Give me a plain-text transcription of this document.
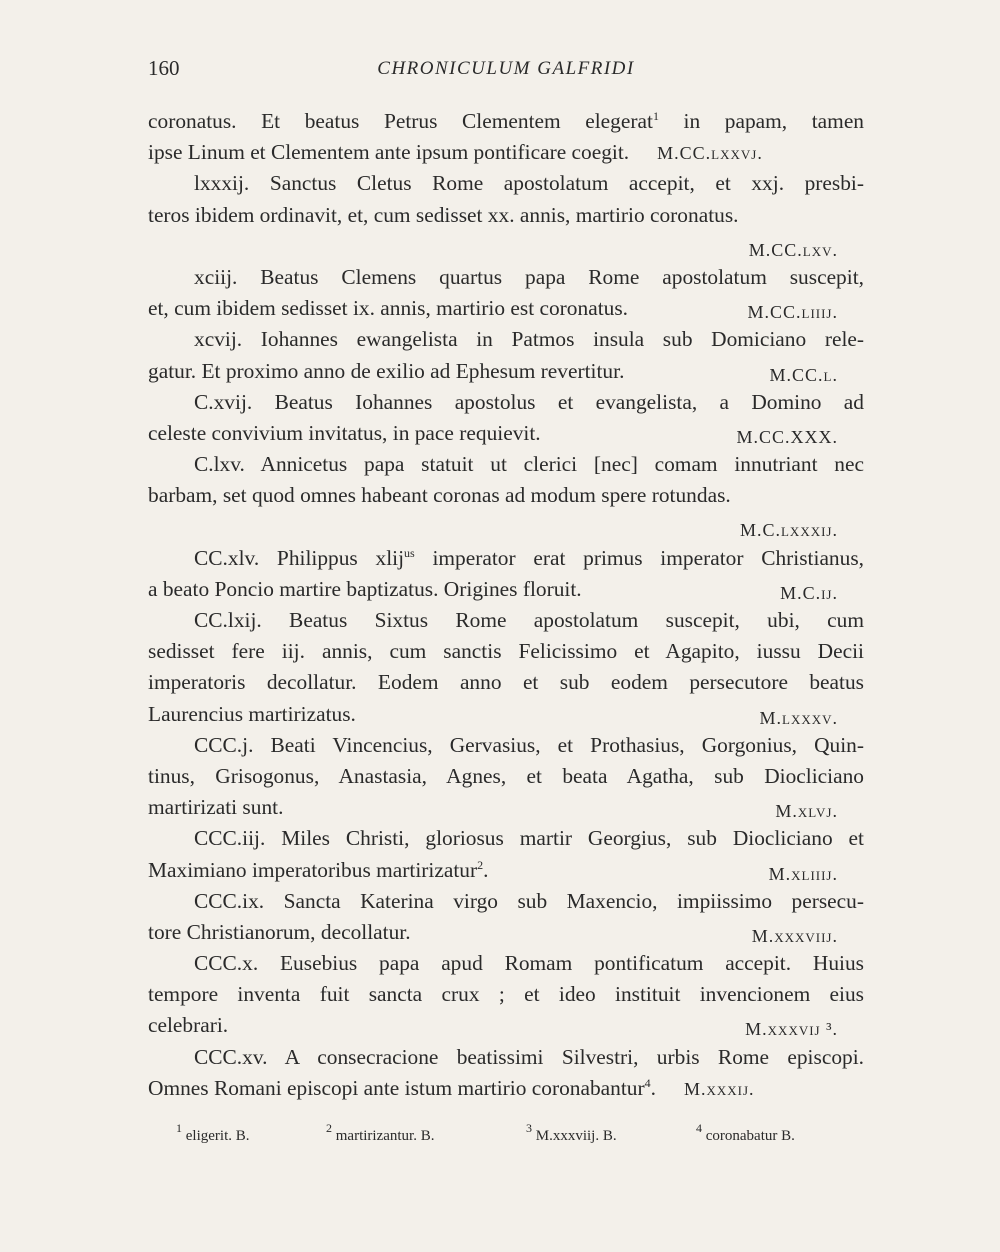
160	CHRONICULUM GALFRIDI
coronatus. Et beatus Petrus Clementem elegerat$^1$ in papam, tamen
ipse Linum et Clementem ante ipsum pontificare coegit. M.CC.lxxvj.
lxxxij. Sanctus Cletus Rome apostolatum accepit, et xxj. presbi-
teros ibidem ordinavit, et, cum sedisset xx. annis, martirio coronatus.
M.CC.lxv.
xciij. Beatus Clemens quartus papa Rome apostolatum suscepit,
et, cum ibidem sedisset ix. annis, martirio est coronatus.	M.CC.liiij.
xcvij. Iohannes ewangelista in Patmos insula sub Domiciano rele-
gatur. Et proximo anno de exilio ad Ephesum revertitur.	M.CC.l.
C.xvij. Beatus Iohannes apostolus et evangelista, a Domino ad
celeste convivium invitatus, in pace requievit.	M.CC.XXX.
C.lxv. Annicetus papa statuit ut clerici [nec] comam innutriant nec
barbam, set quod omnes habeant coronas ad modum spere rotundas.
M.C.lxxxij.
CC.xlv. Philippus xlij$^{us}$ imperator erat primus imperator Christianus,
a beato Poncio martire baptizatus. Origines floruit.	M.C.ij.
CC.lxij. Beatus Sixtus Rome apostolatum suscepit, ubi, cum
sedisset fere iij. annis, cum sanctis Felicissimo et Agapito, iussu Decii
imperatoris decollatur. Eodem anno et sub eodem persecutore beatus
Laurencius martirizatus.	M.lxxxv.
CCC.j. Beati Vincencius, Gervasius, et Prothasius, Gorgonius, Quin-
tinus, Grisogonus, Anastasia, Agnes, et beata Agatha, sub Diocliciano
martirizati sunt.	M.xlvj.
CCC.iij. Miles Christi, gloriosus martir Georgius, sub Diocliciano et
Maximiano imperatoribus martirizatur$^2$.	M.xliiij.
CCC.ix. Sancta Katerina virgo sub Maxencio, impiissimo persecu-
tore Christianorum, decollatur.	M.xxxviij.
CCC.x. Eusebius papa apud Romam pontificatum accepit. Huius
tempore inventa fuit sancta crux ; et ideo instituit invencionem eius
celebrari.	M.xxxvij ³.
CCC.xv. A consecracione beatissimi Silvestri, urbis Rome episcopi.
Omnes Romani episcopi ante istum martirio coronabantur$^4$. M.xxxij.
$^1$ eligerit. B.	$^2$ martirizantur. B.	$^3$ M.xxxviij. B.	$^4$ coronabatur B.
